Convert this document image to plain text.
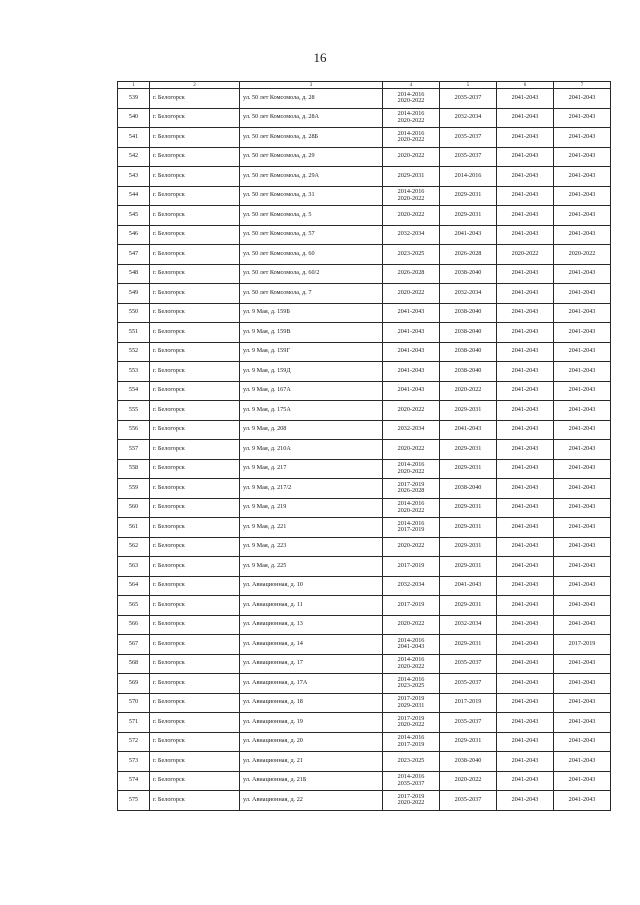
16
1	2	3	4	5	6	7
539	г. Белогорск	ул. 50 лет Комсомола, д. 28	2014-2016
2020-2022	2035-2037	2041-2043	2041-2043
540	г. Белогорск	ул. 50 лет Комсомола, д. 28А	2014-2016
2020-2022	2032-2034	2041-2043	2041-2043
541	г. Белогорск	ул. 50 лет Комсомола, д. 28Б	2014-2016
2020-2022	2035-2037	2041-2043	2041-2043
542	г. Белогорск	ул. 50 лет Комсомола, д. 29	2020-2022	2035-2037	2041-2043	2041-2043
543	г. Белогорск	ул. 50 лет Комсомола, д. 29А	2029-2031	2014-2016	2041-2043	2041-2043
544	г. Белогорск	ул. 50 лет Комсомола, д. 31	2014-2016
2020-2022	2029-2031	2041-2043	2041-2043
545	г. Белогорск	ул. 50 лет Комсомола, д. 5	2020-2022	2029-2031	2041-2043	2041-2043
546	г. Белогорск	ул. 50 лет Комсомола, д. 57	2032-2034	2041-2043	2041-2043	2041-2043
547	г. Белогорск	ул. 50 лет Комсомола, д. 60	2023-2025	2026-2028	2020-2022	2020-2022
548	г. Белогорск	ул. 50 лет Комсомола, д. 60/2	2026-2028	2038-2040	2041-2043	2041-2043
549	г. Белогорск	ул. 50 лет Комсомола, д. 7	2020-2022	2032-2034	2041-2043	2041-2043
550	г. Белогорск	ул. 9 Мая, д. 159Б	2041-2043	2038-2040	2041-2043	2041-2043
551	г. Белогорск	ул. 9 Мая, д. 159В	2041-2043	2038-2040	2041-2043	2041-2043
552	г. Белогорск	ул. 9 Мая, д. 159Г	2041-2043	2038-2040	2041-2043	2041-2043
553	г. Белогорск	ул. 9 Мая, д. 159Д	2041-2043	2038-2040	2041-2043	2041-2043
554	г. Белогорск	ул. 9 Мая, д. 167А	2041-2043	2020-2022	2041-2043	2041-2043
555	г. Белогорск	ул. 9 Мая, д. 175А	2020-2022	2029-2031	2041-2043	2041-2043
556	г. Белогорск	ул. 9 Мая, д. 208	2032-2034	2041-2043	2041-2043	2041-2043
557	г. Белогорск	ул. 9 Мая, д. 210А	2020-2022	2029-2031	2041-2043	2041-2043
558	г. Белогорск	ул. 9 Мая, д. 217	2014-2016
2020-2022	2029-2031	2041-2043	2041-2043
559	г. Белогорск	ул. 9 Мая, д. 217/2	2017-2019
2026-2028	2038-2040	2041-2043	2041-2043
560	г. Белогорск	ул. 9 Мая, д. 219	2014-2016
2020-2022	2029-2031	2041-2043	2041-2043
561	г. Белогорск	ул. 9 Мая, д. 221	2014-2016
2017-2019	2029-2031	2041-2043	2041-2043
562	г. Белогорск	ул. 9 Мая, д. 223	2020-2022	2029-2031	2041-2043	2041-2043
563	г. Белогорск	ул. 9 Мая, д. 225	2017-2019	2029-2031	2041-2043	2041-2043
564	г. Белогорск	ул. Авиационная, д. 10	2032-2034	2041-2043	2041-2043	2041-2043
565	г. Белогорск	ул. Авиационная, д. 11	2017-2019	2029-2031	2041-2043	2041-2043
566	г. Белогорск	ул. Авиационная, д. 13	2020-2022	2032-2034	2041-2043	2041-2043
567	г. Белогорск	ул. Авиационная, д. 14	2014-2016
2041-2043	2029-2031	2041-2043	2017-2019
568	г. Белогорск	ул. Авиационная, д. 17	2014-2016
2020-2022	2035-2037	2041-2043	2041-2043
569	г. Белогорск	ул. Авиационная, д. 17А	2014-2016
2023-2025	2035-2037	2041-2043	2041-2043
570	г. Белогорск	ул. Авиационная, д. 18	2017-2019
2029-2031	2017-2019	2041-2043	2041-2043
571	г. Белогорск	ул. Авиационная, д. 19	2017-2019
2020-2022	2035-2037	2041-2043	2041-2043
572	г. Белогорск	ул. Авиационная, д. 20	2014-2016
2017-2019	2029-2031	2041-2043	2041-2043
573	г. Белогорск	ул. Авиационная, д. 21	2023-2025	2038-2040	2041-2043	2041-2043
574	г. Белогорск	ул. Авиационная, д. 21Б	2014-2016
2035-2037	2020-2022	2041-2043	2041-2043
575	г. Белогорск	ул. Авиационная, д. 22	2017-2019
2020-2022	2035-2037	2041-2043	2041-2043
